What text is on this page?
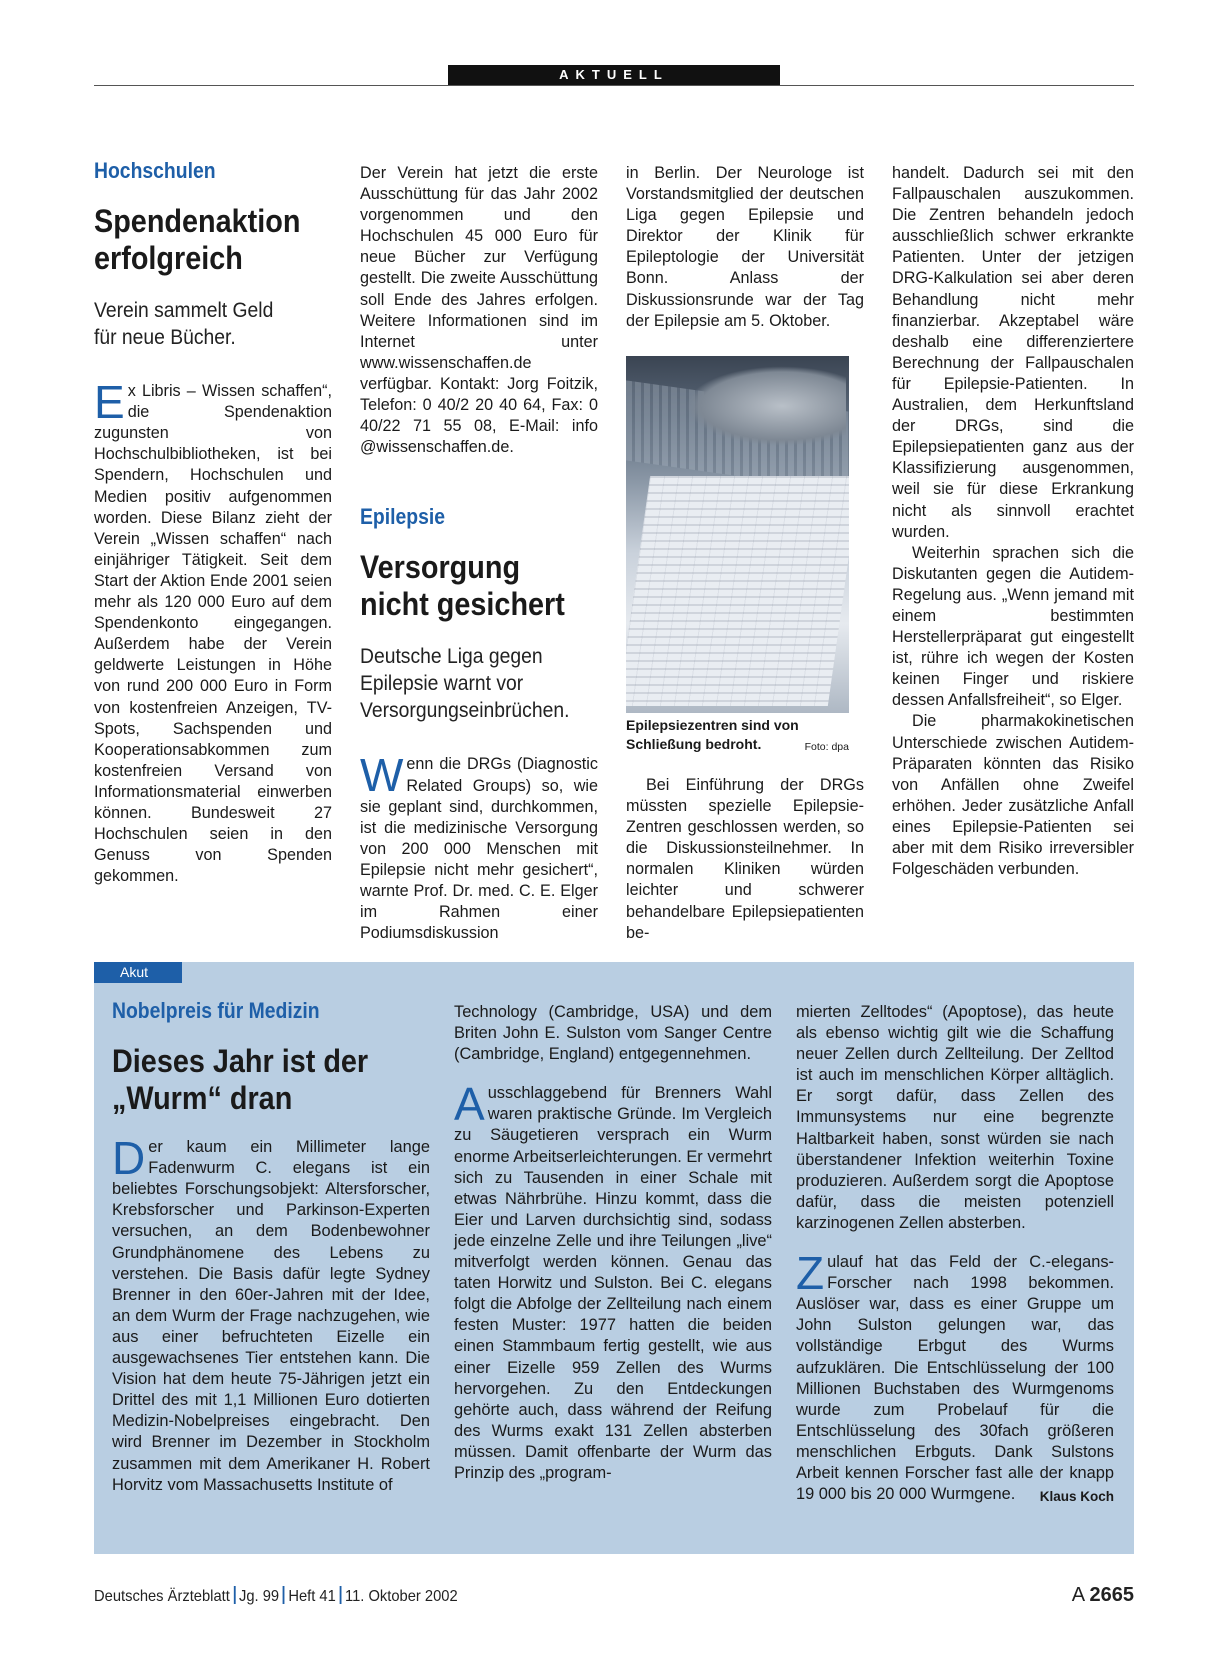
AKTUELL
Hochschulen
Spendenaktion
erfolgreich
Verein sammelt Geld
für neue Bücher.

Ex Libris – Wissen schaffen“, die Spendenaktion zugunsten von Hochschulbibliotheken, ist bei Spendern, Hochschulen und Medien positiv aufgenommen worden. Diese Bilanz zieht der Verein „Wissen schaffen“ nach einjähriger Tätigkeit. Seit dem Start der Aktion Ende 2001 seien mehr als 120 000 Euro auf dem Spendenkonto eingegangen. Außerdem habe der Verein geldwerte Leistungen in Höhe von rund 200 000 Euro in Form von kostenfreien Anzeigen, TV-Spots, Sachspenden und Kooperationsabkommen zum kostenfreien Versand von Informationsmaterial einwerben können. Bundesweit 27 Hochschulen seien in den Genuss von Spenden gekommen.

Der Verein hat jetzt die erste Ausschüttung für das Jahr 2002 vorgenommen und den Hochschulen 45 000 Euro für neue Bücher zur Verfügung gestellt. Die zweite Ausschüttung soll Ende des Jahres erfolgen. Weitere Informationen sind im Internet unter www.wissenschaffen.de verfügbar. Kontakt: Jorg Foitzik, Telefon: 0 40/2 20 40 64, Fax: 0 40/22 71 55 08, E-Mail: info @wissenschaffen.de.

Epilepsie
Versorgung
nicht gesichert
Deutsche Liga gegen
Epilepsie warnt vor
Versorgungseinbrüchen.

Wenn die DRGs (Diagnostic Related Groups) so, wie sie geplant sind, durchkommen, ist die medizinische Versorgung von 200 000 Menschen mit Epilepsie nicht mehr gesichert“, warnte Prof. Dr. med. C. E. Elger im Rahmen einer Podiumsdiskussion

in Berlin. Der Neurologe ist Vorstandsmitglied der deutschen Liga gegen Epilepsie und Direktor der Klinik für Epileptologie der Universität Bonn. Anlass der Diskussionsrunde war der Tag der Epilepsie am 5. Oktober.

Epilepsiezentren sind von Schließung bedroht.	Foto: dpa

Bei Einführung der DRGs müssten spezielle Epilepsie-Zentren geschlossen werden, so die Diskussionsteilnehmer. In normalen Kliniken würden leichter und schwerer behandelbare Epilepsiepatienten be-

handelt. Dadurch sei mit den Fallpauschalen auszukommen. Die Zentren behandeln jedoch ausschließlich schwer erkrankte Patienten. Unter der jetzigen DRG-Kalkulation sei aber deren Behandlung nicht mehr finanzierbar. Akzeptabel wäre deshalb eine differenziertere Berechnung der Fallpauschalen für Epilepsie-Patienten. In Australien, dem Herkunftsland der DRGs, sind die Epilepsiepatienten ganz aus der Klassifizierung ausgenommen, weil sie für diese Erkrankung nicht als sinnvoll erachtet wurden.

Weiterhin sprachen sich die Diskutanten gegen die Autidem-Regelung aus. „Wenn jemand mit einem bestimmten Herstellerpräparat gut eingestellt ist, rühre ich wegen der Kosten keinen Finger und riskiere dessen Anfallsfreiheit“, so Elger.

Die pharmakokinetischen Unterschiede zwischen Autidem-Präparaten könnten das Risiko von Anfällen ohne Zweifel erhöhen. Jeder zusätzliche Anfall eines Epilepsie-Patienten sei aber mit dem Risiko irreversibler Folgeschäden verbunden.

Akut
Nobelpreis für Medizin
Dieses Jahr ist der
„Wurm“ dran

Der kaum ein Millimeter lange Fadenwurm C. elegans ist ein beliebtes Forschungsobjekt: Altersforscher, Krebsforscher und Parkinson-Experten versuchen, an dem Bodenbewohner Grundphänomene des Lebens zu verstehen. Die Basis dafür legte Sydney Brenner in den 60er-Jahren mit der Idee, an dem Wurm der Frage nachzugehen, wie aus einer befruchteten Eizelle ein ausgewachsenes Tier entstehen kann. Die Vision hat dem heute 75-Jährigen jetzt ein Drittel des mit 1,1 Millionen Euro dotierten Medizin-Nobelpreises eingebracht. Den wird Brenner im Dezember in Stockholm zusammen mit dem Amerikaner H. Robert Horvitz vom Massachusetts Institute of

Technology (Cambridge, USA) und dem Briten John E. Sulston vom Sanger Centre (Cambridge, England) entgegennehmen.

Ausschlaggebend für Brenners Wahl waren praktische Gründe. Im Vergleich zu Säugetieren versprach ein Wurm enorme Arbeitserleichterungen. Er vermehrt sich zu Tausenden in einer Schale mit etwas Nährbrühe. Hinzu kommt, dass die Eier und Larven durchsichtig sind, sodass jede einzelne Zelle und ihre Teilungen „live“ mitverfolgt werden können. Genau das taten Horwitz und Sulston. Bei C. elegans folgt die Abfolge der Zellteilung nach einem festen Muster: 1977 hatten die beiden einen Stammbaum fertig gestellt, wie aus einer Eizelle 959 Zellen des Wurms hervorgehen. Zu den Entdeckungen gehörte auch, dass während der Reifung des Wurms exakt 131 Zellen absterben müssen. Damit offenbarte der Wurm das Prinzip des „program-

mierten Zelltodes“ (Apoptose), das heute als ebenso wichtig gilt wie die Schaffung neuer Zellen durch Zellteilung. Der Zelltod ist auch im menschlichen Körper alltäglich. Er sorgt dafür, dass Zellen des Immunsystems nur eine begrenzte Haltbarkeit haben, sonst würden sie nach überstandener Infektion weiterhin Toxine produzieren. Außerdem sorgt die Apoptose dafür, dass die meisten potenziell karzinogenen Zellen absterben.

Zulauf hat das Feld der C.-elegans-Forscher nach 1998 bekommen. Auslöser war, dass es einer Gruppe um John Sulston gelungen war, das vollständige Erbgut des Wurms aufzuklären. Die Entschlüsselung der 100 Millionen Buchstaben des Wurmgenoms wurde zum Probelauf für die Entschlüsselung des 30fach größeren menschlichen Erbguts. Dank Sulstons Arbeit kennen Forscher fast alle der knapp 19 000 bis 20 000 Wurmgene. Klaus Koch

Deutsches Ärzteblatt Jg. 99 Heft 41 11. Oktober 2002	A 2665
